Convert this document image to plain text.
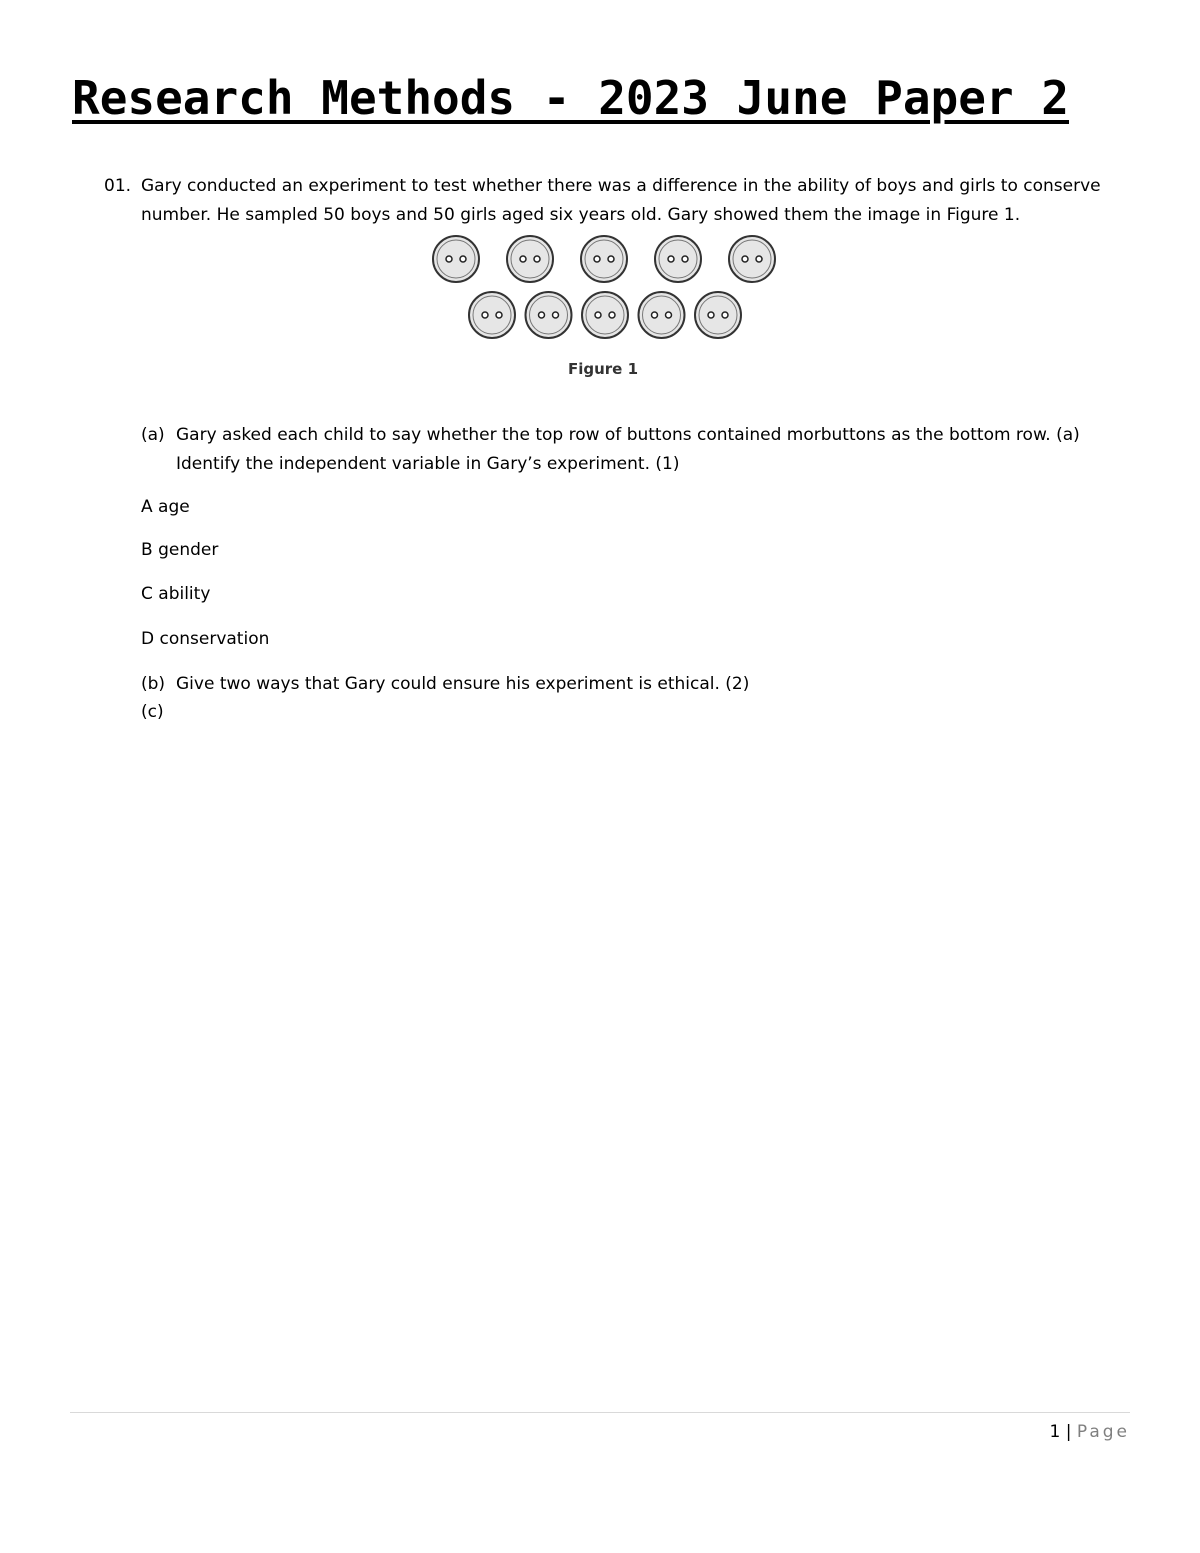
Research Methods - 2023 June Paper 2
01. Gary conducted an experiment to test whether there was a difference in the ability of boys and girls to conserve number. He sampled 50 boys and 50 girls aged six years old. Gary showed them the image in Figure 1.
Figure 1
(a) Gary asked each child to say whether the top row of buttons contained morbuttons as the bottom row. (a) Identify the independent variable in Gary’s experiment. (1)
A age
B gender
C ability
D conservation
(b) Give two ways that Gary could ensure his experiment is ethical. (2)
(c)
1 | Page
